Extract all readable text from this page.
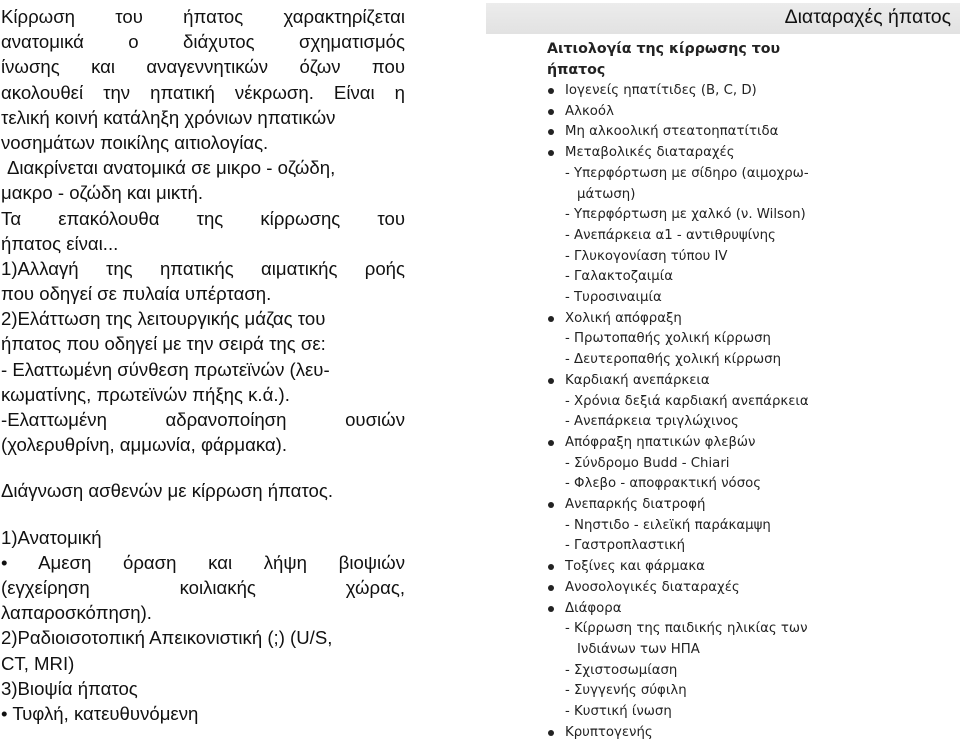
Κίρρωση του ήπατος χαρακτηρίζεται
ανατομικά ο διάχυτος σχηματισμός
ίνωσης και αναγεννητικών όζων που
ακολουθεί την ηπατική νέκρωση. Είναι η
τελική κοινή κατάληξη χρόνιων ηπατικών
νοσημάτων ποικίλης αιτιολογίας.
Διακρίνεται ανατομικά σε μικρο - οζώδη,
μακρο - οζώδη και μικτή.
Τα επακόλουθα της κίρρωσης του
ήπατος είναι...
1)Αλλαγή της ηπατικής αιματικής ροής
που οδηγεί σε πυλαία υπέρταση.
2)Ελάττωση της λειτουργικής μάζας του
ήπατος που οδηγεί με την σειρά της σε:
- Ελαττωμένη σύνθεση πρωτεϊνών (λευ-
κωματίνης, πρωτεϊνών πήξης κ.ά.).
-Ελαττωμένη αδρανοποίηση ουσιών
(χολερυθρίνη, αμμωνία, φάρμακα).
Διάγνωση ασθενών με κίρρωση ήπατος.
1)Ανατομική
• Αμεση όραση και λήψη βιοψιών
(εγχείρηση κοιλιακής χώρας,
λαπαροσκόπηση).
2)Ραδιοισοτοπική Απεικονιστική (;) (U/S,
CT, MRI)
3)Βιοψία ήπατος
• Τυφλή, κατευθυνόμενη
Διαταραχές ήπατος
Αιτιολογία της κίρρωσης του
ήπατος
Ιογενείς ηπατίτιδες (B, C, D)
Αλκοόλ
Μη αλκοολική στεατοηπατίτιδα
Μεταβολικές διαταραχές
- Υπερφόρτωση με σίδηρο (αιμοχρω-
μάτωση)
- Υπερφόρτωση με χαλκό (ν. Wilson)
- Ανεπάρκεια α1 - αντιθρυψίνης
- Γλυκογονίαση τύπου IV
- Γαλακτοζαιμία
- Τυροσιναιμία
Χολική απόφραξη
- Πρωτοπαθής χολική κίρρωση
- Δευτεροπαθής χολική κίρρωση
Καρδιακή ανεπάρκεια
- Χρόνια δεξιά καρδιακή ανεπάρκεια
- Ανεπάρκεια τριγλώχινος
Απόφραξη ηπατικών φλεβών
- Σύνδρομο Budd - Chiari
- Φλεβο - αποφρακτική νόσος
Ανεπαρκής διατροφή
- Νηστιδο - ειλεϊκή παράκαμψη
- Γαστροπλαστική
Τοξίνες και φάρμακα
Ανοσολογικές διαταραχές
Διάφορα
- Κίρρωση της παιδικής ηλικίας των
Ινδιάνων των ΗΠΑ
- Σχιστοσωμίαση
- Συγγενής σύφιλη
- Κυστική ίνωση
Κρυπτογενής
